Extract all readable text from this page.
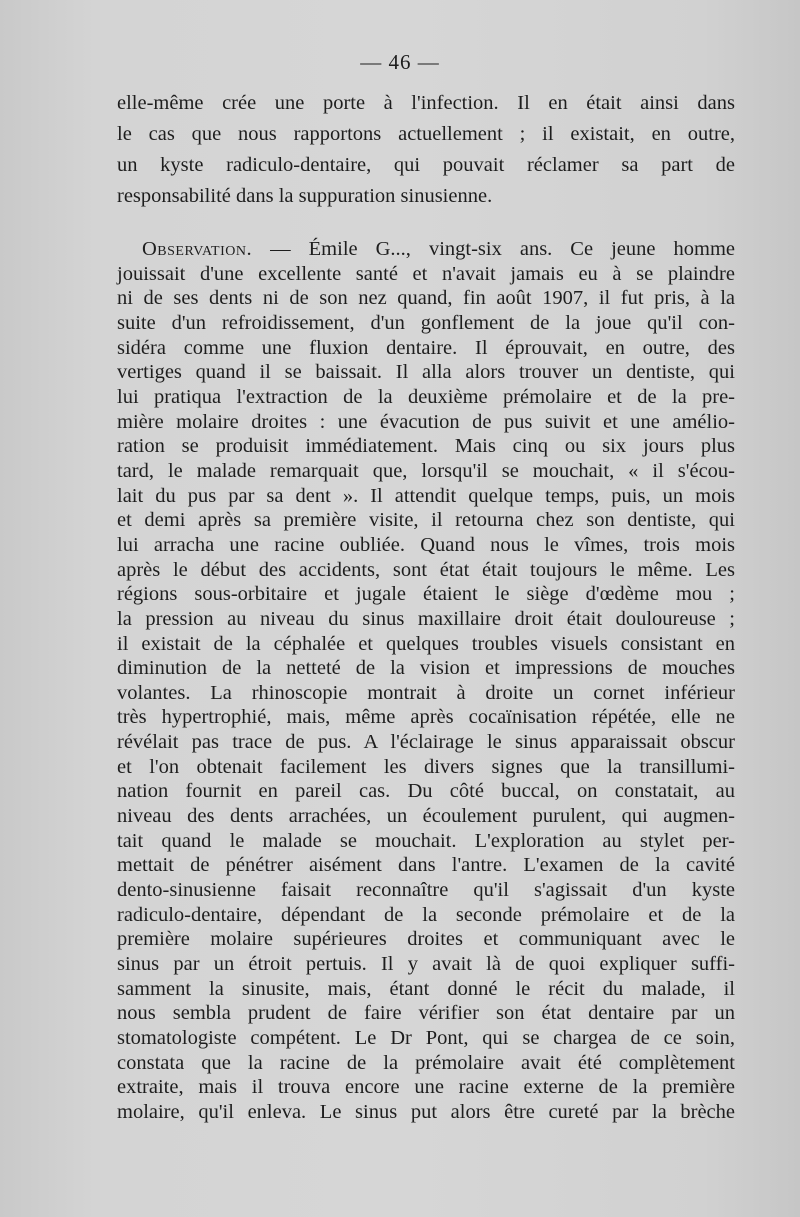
— 46 —
elle-même crée une porte à l'infection. Il en était ainsi dans
le cas que nous rapportons actuellement ; il existait, en outre,
un kyste radiculo-dentaire, qui pouvait réclamer sa part de
responsabilité dans la suppuration sinusienne.
Observation. — Émile G..., vingt-six ans. Ce jeune homme
jouissait d'une excellente santé et n'avait jamais eu à se plaindre
ni de ses dents ni de son nez quand, fin août 1907, il fut pris, à la
suite d'un refroidissement, d'un gonflement de la joue qu'il con-
sidéra comme une fluxion dentaire. Il éprouvait, en outre, des
vertiges quand il se baissait. Il alla alors trouver un dentiste, qui
lui pratiqua l'extraction de la deuxième prémolaire et de la pre-
mière molaire droites : une évacution de pus suivit et une amélio-
ration se produisit immédiatement. Mais cinq ou six jours plus
tard, le malade remarquait que, lorsqu'il se mouchait, « il s'écou-
lait du pus par sa dent ». Il attendit quelque temps, puis, un mois
et demi après sa première visite, il retourna chez son dentiste, qui
lui arracha une racine oubliée. Quand nous le vîmes, trois mois
après le début des accidents, sont état était toujours le même. Les
régions sous-orbitaire et jugale étaient le siège d'œdème mou ;
la pression au niveau du sinus maxillaire droit était douloureuse ;
il existait de la céphalée et quelques troubles visuels consistant en
diminution de la netteté de la vision et impressions de mouches
volantes. La rhinoscopie montrait à droite un cornet inférieur
très hypertrophié, mais, même après cocaïnisation répétée, elle ne
révélait pas trace de pus. A l'éclairage le sinus apparaissait obscur
et l'on obtenait facilement les divers signes que la transillumi-
nation fournit en pareil cas. Du côté buccal, on constatait, au
niveau des dents arrachées, un écoulement purulent, qui augmen-
tait quand le malade se mouchait. L'exploration au stylet per-
mettait de pénétrer aisément dans l'antre. L'examen de la cavité
dento-sinusienne faisait reconnaître qu'il s'agissait d'un kyste
radiculo-dentaire, dépendant de la seconde prémolaire et de la
première molaire supérieures droites et communiquant avec le
sinus par un étroit pertuis. Il y avait là de quoi expliquer suffi-
samment la sinusite, mais, étant donné le récit du malade, il
nous sembla prudent de faire vérifier son état dentaire par un
stomatologiste compétent. Le Dr Pont, qui se chargea de ce soin,
constata que la racine de la prémolaire avait été complètement
extraite, mais il trouva encore une racine externe de la première
molaire, qu'il enleva. Le sinus put alors être cureté par la brèche
